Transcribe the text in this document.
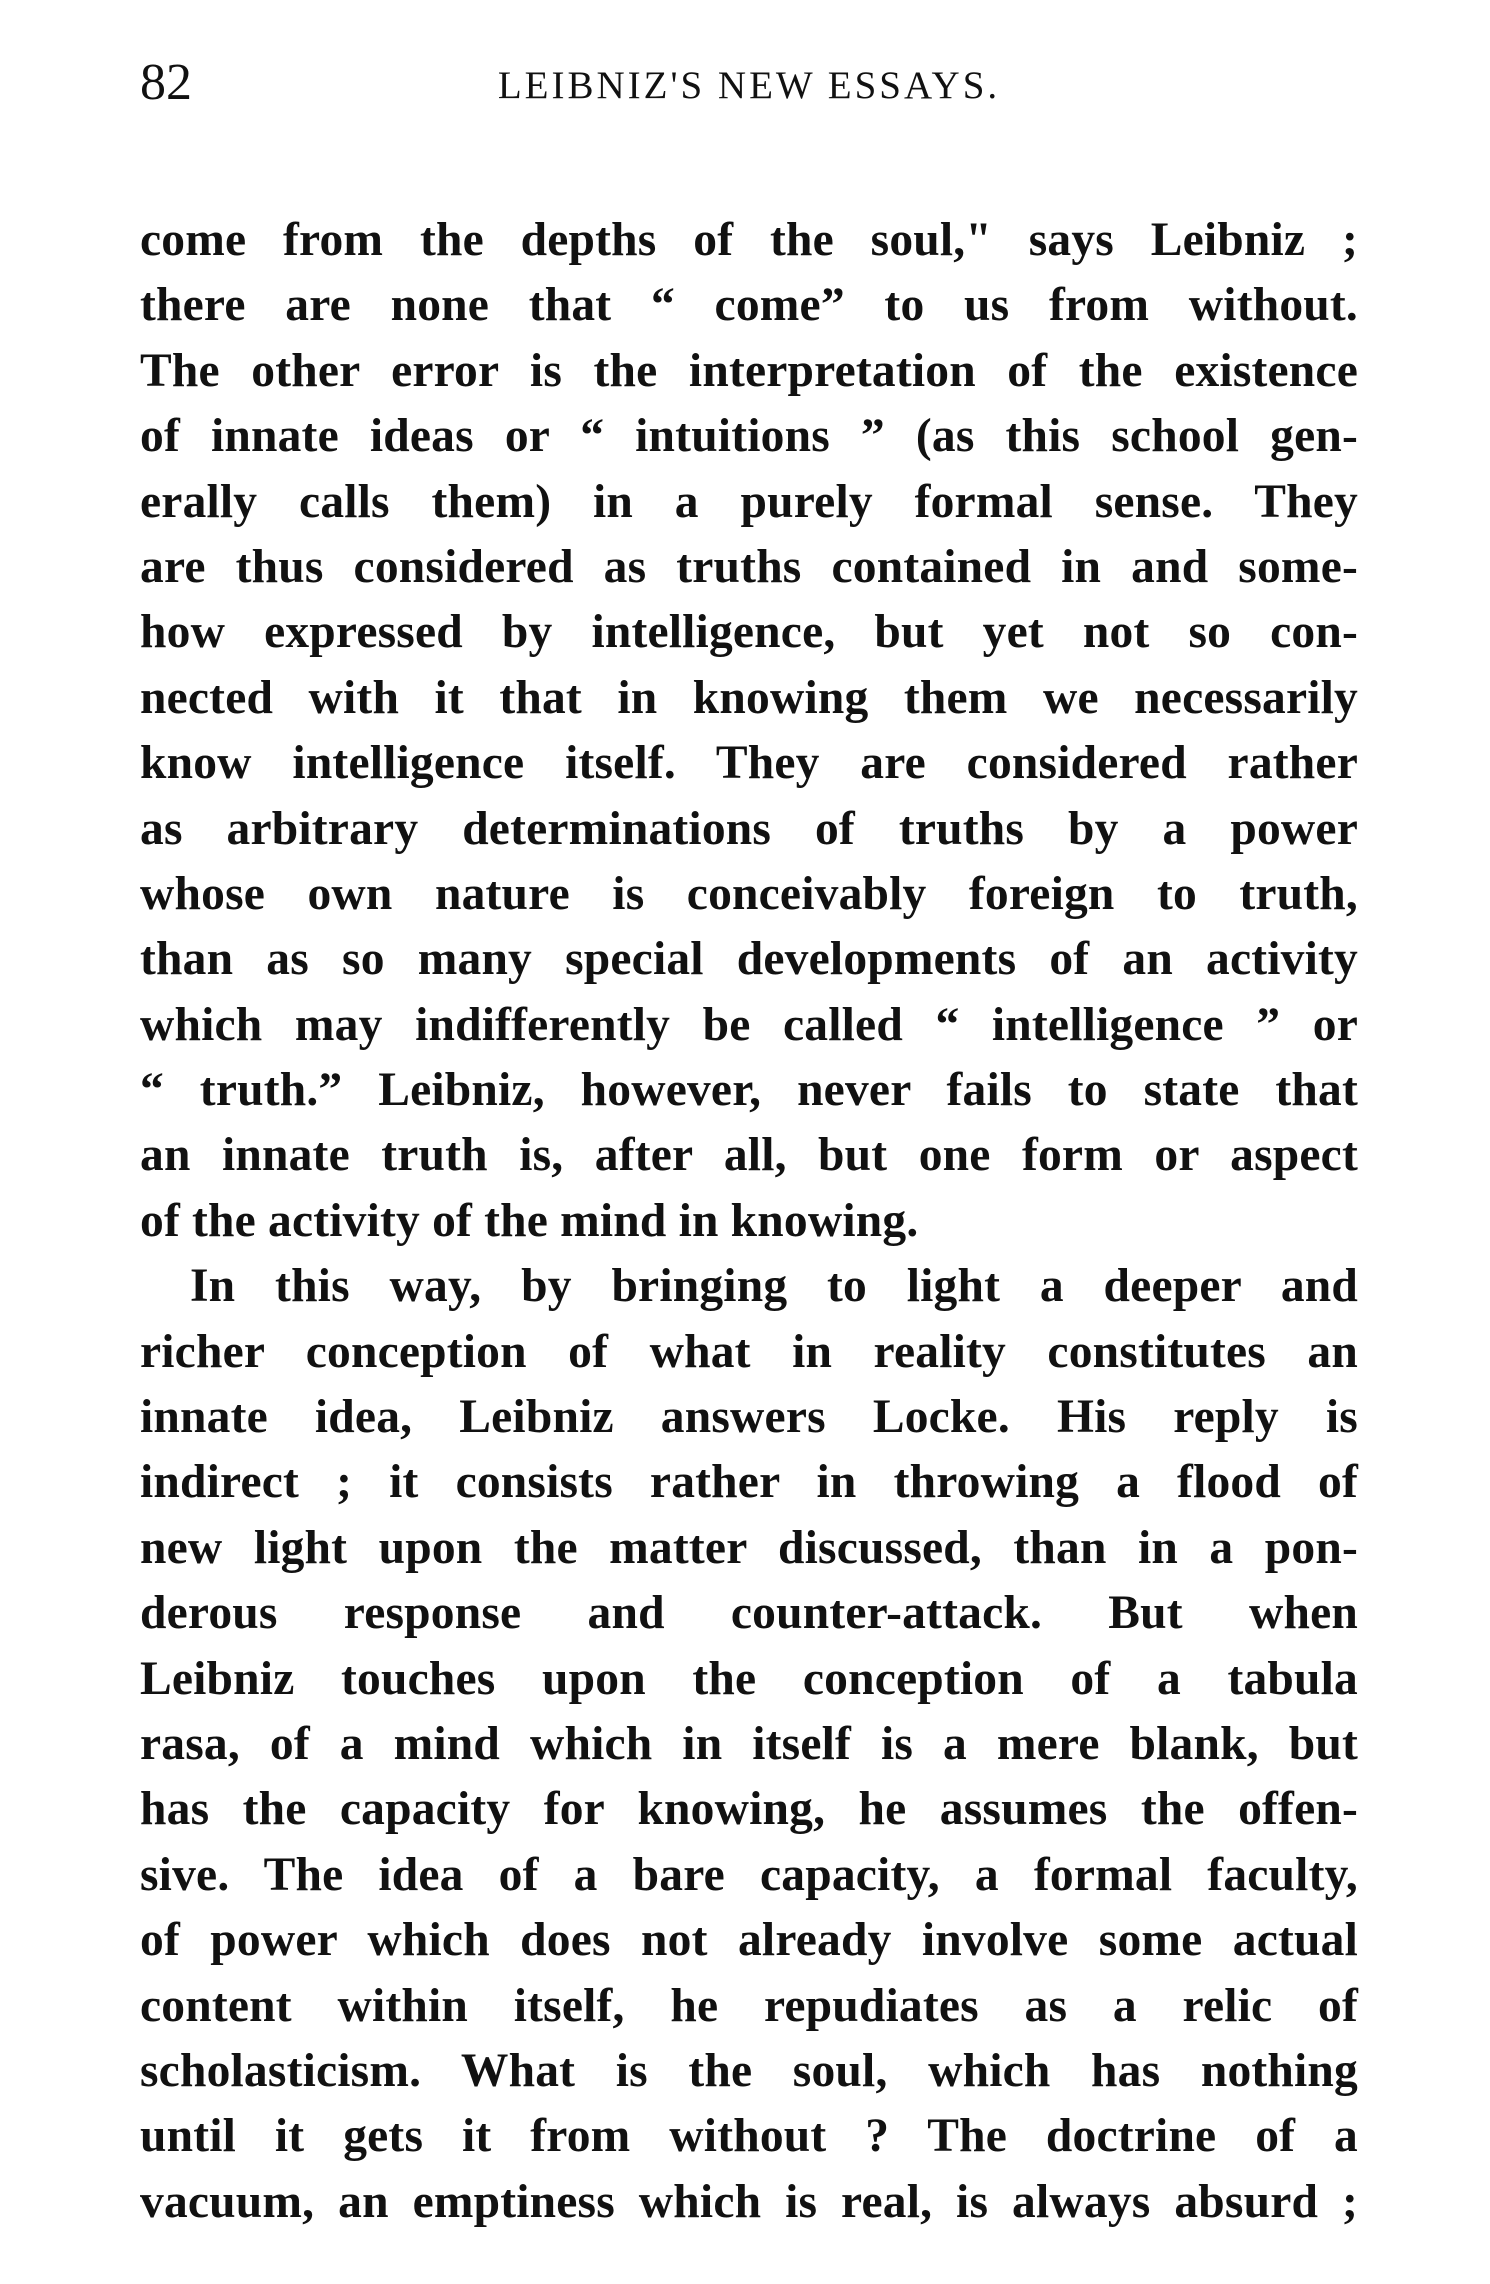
82	LEIBNIZ'S NEW ESSAYS.
come from the depths of the soul," says Leibniz ;
there are none that “ come” to us from without.
The other error is the interpretation of the existence
of innate ideas or “ intuitions ” (as this school gen-
erally calls them) in a purely formal sense. They
are thus considered as truths contained in and some-
how expressed by intelligence, but yet not so con-
nected with it that in knowing them we necessarily
know intelligence itself. They are considered rather
as arbitrary determinations of truths by a power
whose own nature is conceivably foreign to truth,
than as so many special developments of an activity
which may indifferently be called “ intelligence ” or
“ truth.” Leibniz, however, never fails to state that
an innate truth is, after all, but one form or aspect
of the activity of the mind in knowing.
In this way, by bringing to light a deeper and
richer conception of what in reality constitutes an
innate idea, Leibniz answers Locke. His reply is
indirect ; it consists rather in throwing a flood of
new light upon the matter discussed, than in a pon-
derous response and counter-attack. But when
Leibniz touches upon the conception of a tabula
rasa, of a mind which in itself is a mere blank, but
has the capacity for knowing, he assumes the offen-
sive. The idea of a bare capacity, a formal faculty,
of power which does not already involve some actual
content within itself, he repudiates as a relic of
scholasticism. What is the soul, which has nothing
until it gets it from without ? The doctrine of a
vacuum, an emptiness which is real, is always absurd ;
